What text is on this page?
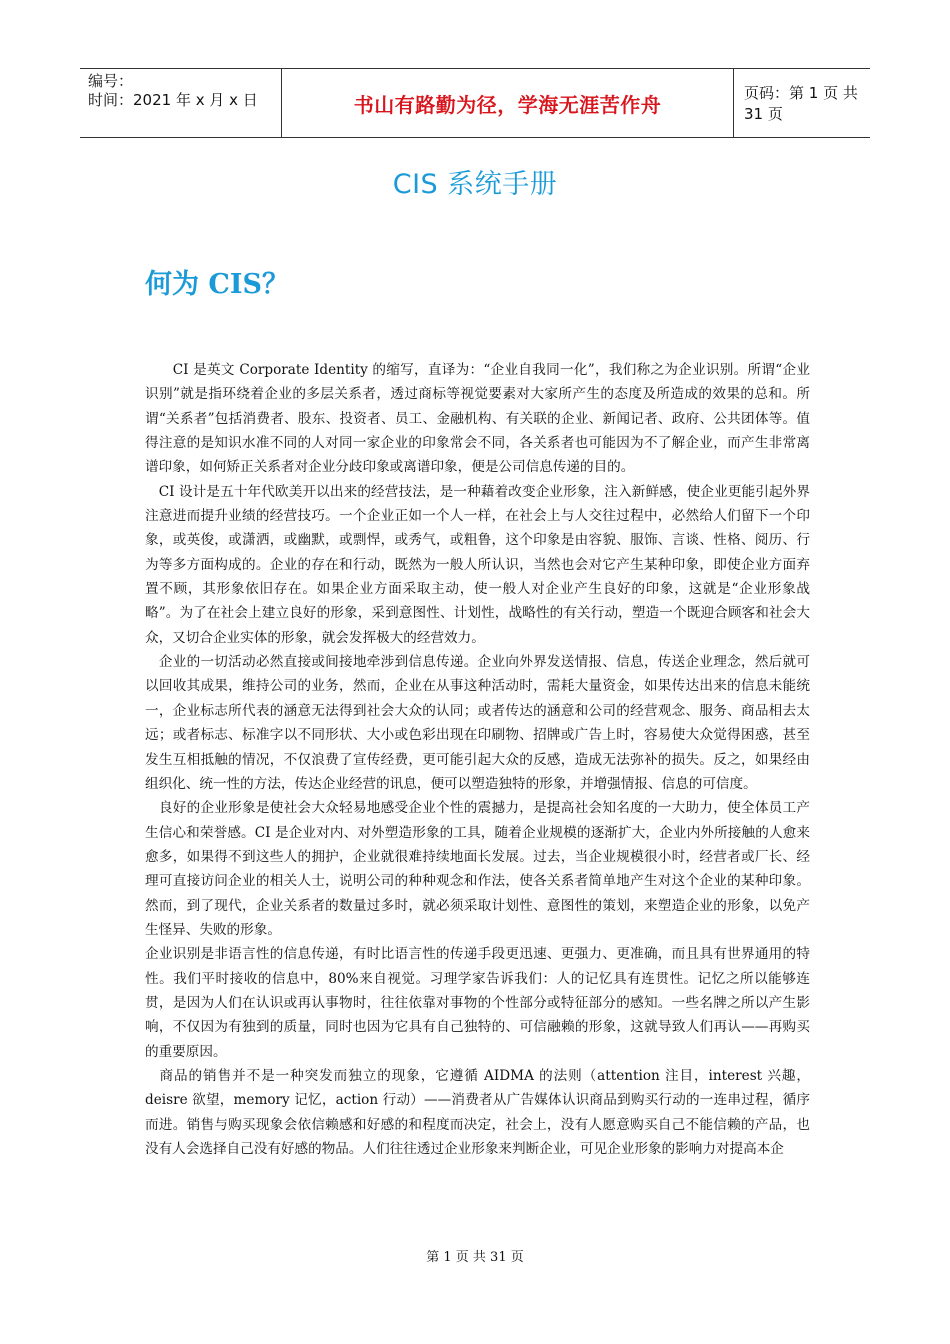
编号：
时间：2021 年 x 月 x 日	书山有路勤为径，学海无涯苦作舟	页码：第 1 页 共 31 页
CIS 系统手册
何为 CIS？

　　CI 是英文 Corporate Identity 的缩写，直译为：“企业自我同一化”，我们称之为企业识别。所谓“企业识别”就是指环绕着企业的多层关系者，透过商标等视觉要素对大家所产生的态度及所造成的效果的总和。所谓“关系者”包括消费者、股东、投资者、员工、金融机构、有关联的企业、新闻记者、政府、公共团体等。值得注意的是知识水准不同的人对同一家企业的印象常会不同，各关系者也可能因为不了解企业，而产生非常离谱印象，如何矫正关系者对企业分歧印象或离谱印象，便是公司信息传递的目的。

　CI 设计是五十年代欧美开以出来的经营技法，是一种藉着改变企业形象，注入新鲜感，使企业更能引起外界注意进而提升业绩的经营技巧。一个企业正如一个人一样，在社会上与人交往过程中，必然给人们留下一个印象，或英俊，或潇洒，或幽默，或剽悍，或秀气，或粗鲁，这个印象是由容貌、服饰、言谈、性格、阅历、行为等多方面构成的。企业的存在和行动，既然为一般人所认识，当然也会对它产生某种印象，即使企业方面弃置不顾，其形象依旧存在。如果企业方面采取主动，使一般人对企业产生良好的印象，这就是“企业形象战略”。为了在社会上建立良好的形象，采到意图性、计划性，战略性的有关行动，塑造一个既迎合顾客和社会大众，又切合企业实体的形象，就会发挥极大的经营效力。

　企业的一切活动必然直接或间接地牵涉到信息传递。企业向外界发送情报、信息，传送企业理念，然后就可以回收其成果，维持公司的业务，然而，企业在从事这种活动时，需耗大量资金，如果传达出来的信息未能统一，企业标志所代表的涵意无法得到社会大众的认同；或者传达的涵意和公司的经营观念、服务、商品相去太远；或者标志、标准字以不同形状、大小或色彩出现在印刷物、招牌或广告上时，容易使大众觉得困惑，甚至发生互相抵触的情况，不仅浪费了宣传经费，更可能引起大众的反感，造成无法弥补的损失。反之，如果经由组织化、统一性的方法，传达企业经营的讯息，便可以塑造独特的形象，并增强情报、信息的可信度。

　良好的企业形象是使社会大众轻易地感受企业个性的震撼力，是提高社会知名度的一大助力，使全体员工产生信心和荣誉感。CI 是企业对内、对外塑造形象的工具，随着企业规模的逐渐扩大，企业内外所接触的人愈来愈多，如果得不到这些人的拥护，企业就很难持续地面长发展。过去，当企业规模很小时，经营者或厂长、经理可直接访问企业的相关人士，说明公司的种种观念和作法，使各关系者简单地产生对这个企业的某种印象。然而，到了现代，企业关系者的数量过多时，就必须采取计划性、意图性的策划，来塑造企业的形象，以免产生怪异、失败的形象。

企业识别是非语言性的信息传递，有时比语言性的传递手段更迅速、更强力、更准确，而且具有世界通用的特性。我们平时接收的信息中，80%来自视觉。习理学家告诉我们：人的记忆具有连贯性。记忆之所以能够连贯，是因为人们在认识或再认事物时，往往依靠对事物的个性部分或特征部分的感知。一些名牌之所以产生影响，不仅因为有独到的质量，同时也因为它具有自己独特的、可信融赖的形象，这就导致人们再认——再购买的重要原因。

　商品的销售并不是一种突发而独立的现象，它遵循 AIDMA 的法则（attention 注目，interest 兴趣，deisre 欲望，memory 记忆，action 行动）——消费者从广告媒体认识商品到购买行动的一连串过程，循序而进。销售与购买现象会依信赖感和好感的和程度而决定，社会上，没有人愿意购买自己不能信赖的产品，也没有人会选择自己没有好感的物品。人们往往透过企业形象来判断企业，可见企业形象的影响力对提高本企

第 1 页 共 31 页
